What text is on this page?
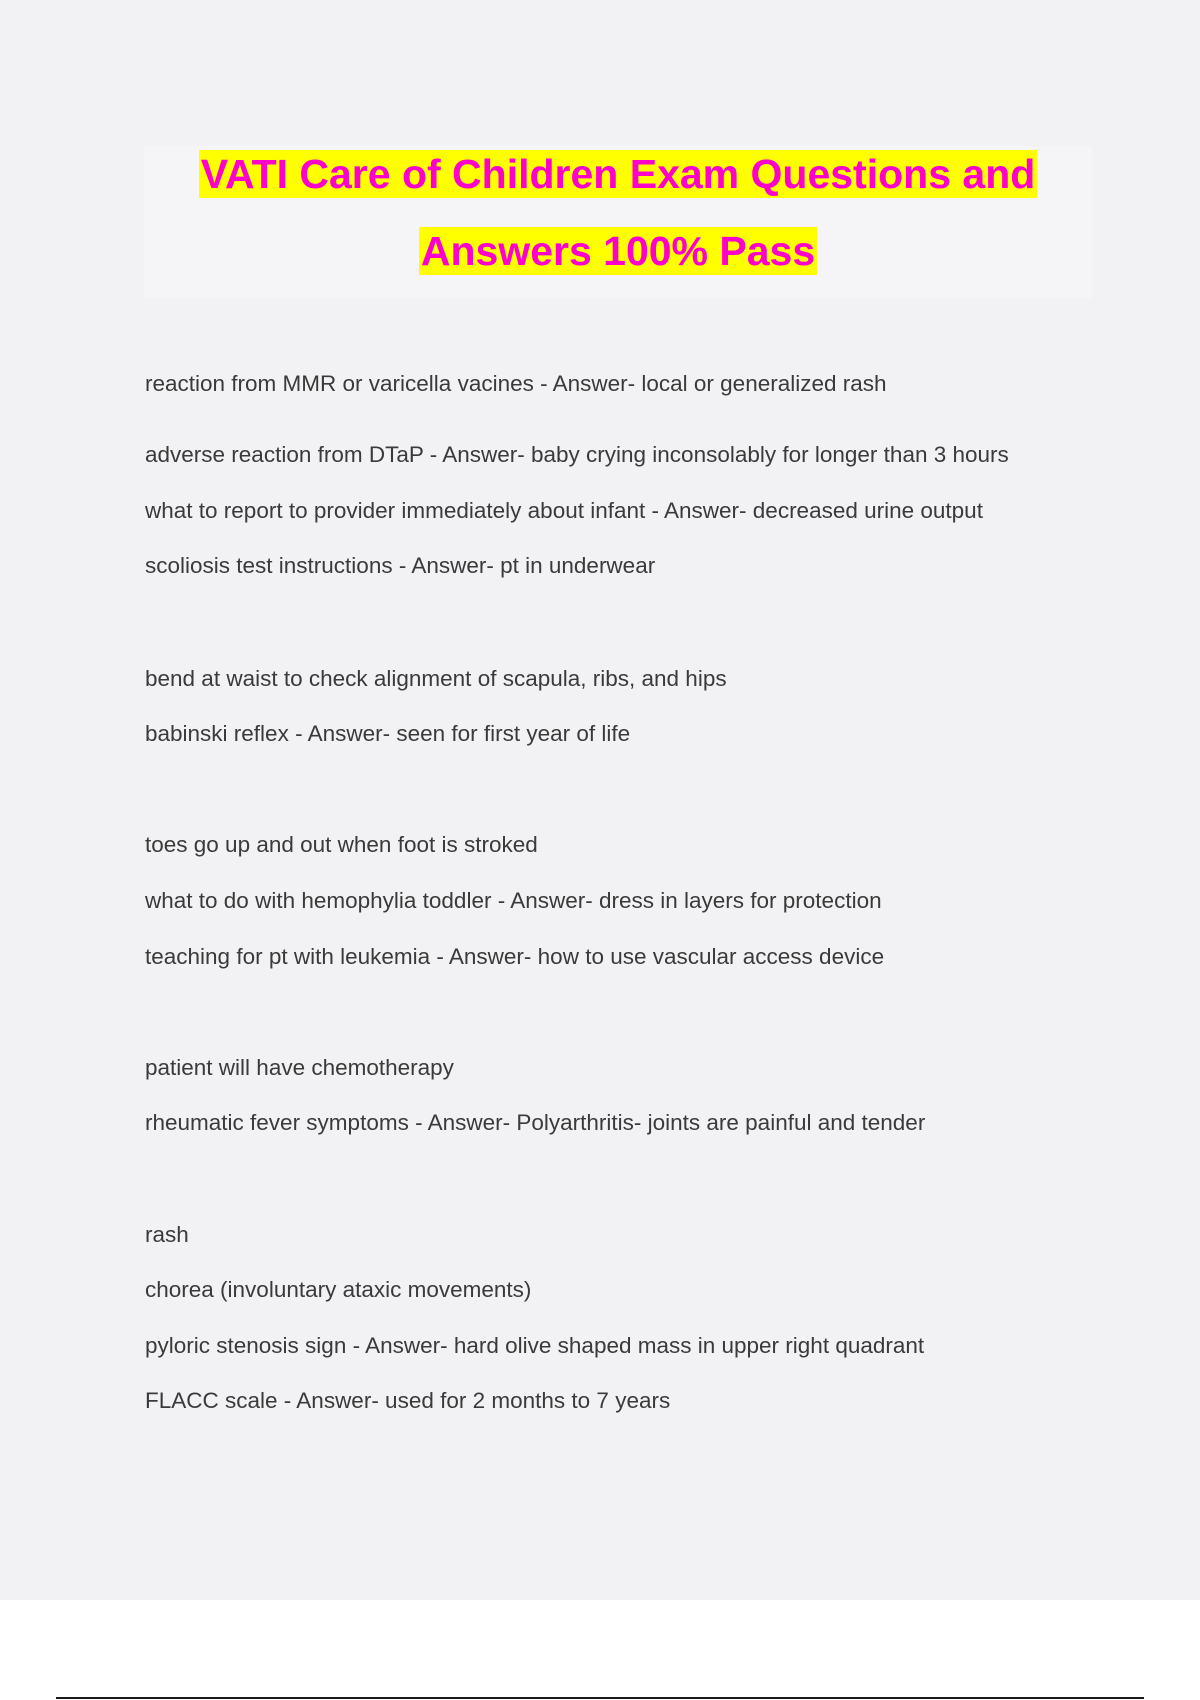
VATI Care of Children Exam Questions and
Answers 100% Pass
reaction from MMR or varicella vacines - Answer- local or generalized rash
adverse reaction from DTaP - Answer- baby crying inconsolably for longer than 3 hours
what to report to provider immediately about infant - Answer- decreased urine output
scoliosis test instructions - Answer- pt in underwear
bend at waist to check alignment of scapula, ribs, and hips
babinski reflex - Answer- seen for first year of life
toes go up and out when foot is stroked
what to do with hemophylia toddler - Answer- dress in layers for protection
teaching for pt with leukemia - Answer- how to use vascular access device
patient will have chemotherapy
rheumatic fever symptoms - Answer- Polyarthritis- joints are painful and tender
rash
chorea (involuntary ataxic movements)
pyloric stenosis sign - Answer- hard olive shaped mass in upper right quadrant
FLACC scale - Answer- used for 2 months to 7 years
